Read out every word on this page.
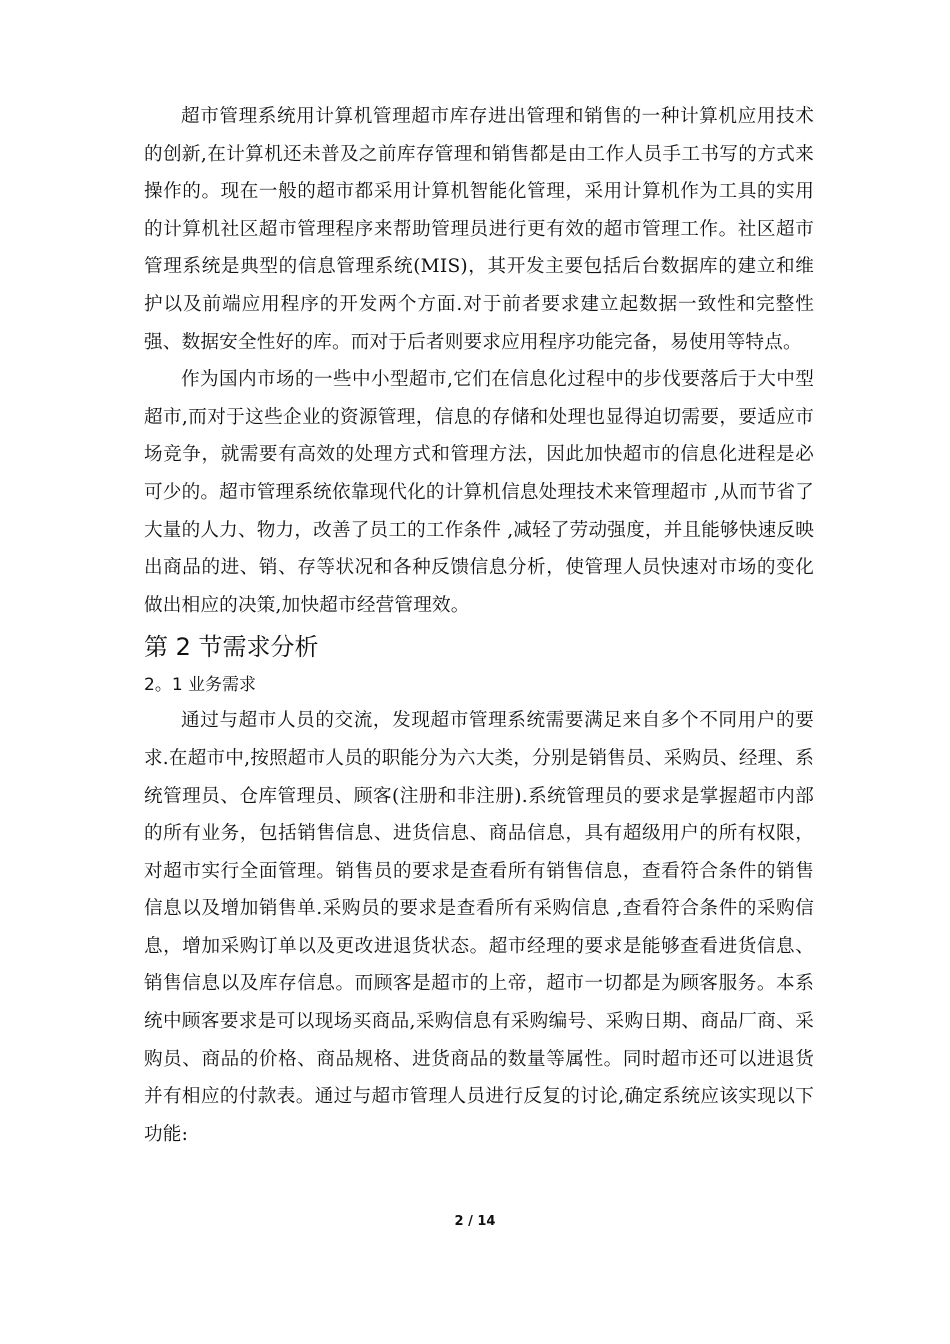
超市管理系统用计算机管理超市库存进出管理和销售的一种计算机应用技术的创新,在计算机还未普及之前库存管理和销售都是由工作人员手工书写的方式来操作的。现在一般的超市都采用计算机智能化管理，采用计算机作为工具的实用的计算机社区超市管理程序来帮助管理员进行更有效的超市管理工作。社区超市管理系统是典型的信息管理系统(MIS)，其开发主要包括后台数据库的建立和维护以及前端应用程序的开发两个方面.对于前者要求建立起数据一致性和完整性强、数据安全性好的库。而对于后者则要求应用程序功能完备，易使用等特点。

作为国内市场的一些中小型超市,它们在信息化过程中的步伐要落后于大中型超市,而对于这些企业的资源管理，信息的存储和处理也显得迫切需要，要适应市场竞争，就需要有高效的处理方式和管理方法，因此加快超市的信息化进程是必可少的。超市管理系统依靠现代化的计算机信息处理技术来管理超市 ,从而节省了大量的人力、物力，改善了员工的工作条件 ,减轻了劳动强度，并且能够快速反映出商品的进、销、存等状况和各种反馈信息分析，使管理人员快速对市场的变化做出相应的决策,加快超市经营管理效。

第 2 节需求分析
2。1 业务需求

通过与超市人员的交流，发现超市管理系统需要满足来自多个不同用户的要求.在超市中,按照超市人员的职能分为六大类，分别是销售员、采购员、经理、系统管理员、仓库管理员、顾客(注册和非注册).系统管理员的要求是掌握超市内部的所有业务，包括销售信息、进货信息、商品信息，具有超级用户的所有权限，对超市实行全面管理。销售员的要求是查看所有销售信息，查看符合条件的销售信息以及增加销售单.采购员的要求是查看所有采购信息 ,查看符合条件的采购信息，增加采购订单以及更改进退货状态。超市经理的要求是能够查看进货信息、销售信息以及库存信息。而顾客是超市的上帝，超市一切都是为顾客服务。本系统中顾客要求是可以现场买商品,采购信息有采购编号、采购日期、商品厂商、采购员、商品的价格、商品规格、进货商品的数量等属性。同时超市还可以进退货并有相应的付款表。通过与超市管理人员进行反复的讨论,确定系统应该实现以下功能:

2 / 14
